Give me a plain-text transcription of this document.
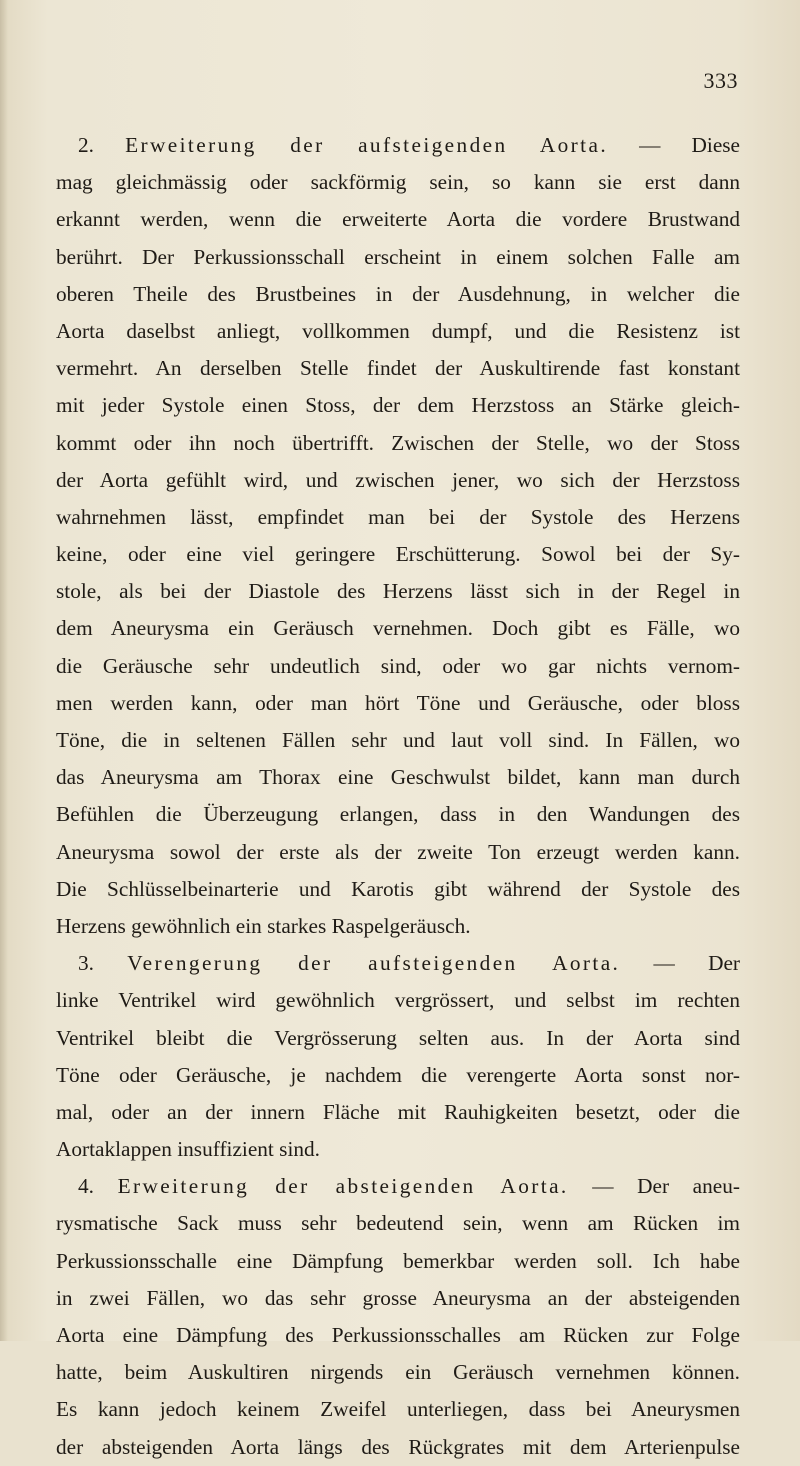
333
2. Erweiterung der aufsteigenden Aorta. — Diese
mag gleichmässig oder sackförmig sein, so kann sie erst dann
erkannt werden, wenn die erweiterte Aorta die vordere Brustwand
berührt. Der Perkussionsschall erscheint in einem solchen Falle am
oberen Theile des Brustbeines in der Ausdehnung, in welcher die
Aorta daselbst anliegt, vollkommen dumpf, und die Resistenz ist
vermehrt. An derselben Stelle findet der Auskultirende fast konstant
mit jeder Systole einen Stoss, der dem Herzstoss an Stärke gleich-
kommt oder ihn noch übertrifft. Zwischen der Stelle, wo der Stoss
der Aorta gefühlt wird, und zwischen jener, wo sich der Herzstoss
wahrnehmen lässt, empfindet man bei der Systole des Herzens
keine, oder eine viel geringere Erschütterung. Sowol bei der Sy-
stole, als bei der Diastole des Herzens lässt sich in der Regel in
dem Aneurysma ein Geräusch vernehmen. Doch gibt es Fälle, wo
die Geräusche sehr undeutlich sind, oder wo gar nichts vernom-
men werden kann, oder man hört Töne und Geräusche, oder bloss
Töne, die in seltenen Fällen sehr und laut voll sind. In Fällen, wo
das Aneurysma am Thorax eine Geschwulst bildet, kann man durch
Befühlen die Überzeugung erlangen, dass in den Wandungen des
Aneurysma sowol der erste als der zweite Ton erzeugt werden kann.
Die Schlüsselbeinarterie und Karotis gibt während der Systole des
Herzens gewöhnlich ein starkes Raspelgeräusch.
3. Verengerung der aufsteigenden Aorta. — Der
linke Ventrikel wird gewöhnlich vergrössert, und selbst im rechten
Ventrikel bleibt die Vergrösserung selten aus. In der Aorta sind
Töne oder Geräusche, je nachdem die verengerte Aorta sonst nor-
mal, oder an der innern Fläche mit Rauhigkeiten besetzt, oder die
Aortaklappen insuffizient sind.
4. Erweiterung der absteigenden Aorta. — Der aneu-
rysmatische Sack muss sehr bedeutend sein, wenn am Rücken im
Perkussionsschalle eine Dämpfung bemerkbar werden soll. Ich habe
in zwei Fällen, wo das sehr grosse Aneurysma an der absteigenden
Aorta eine Dämpfung des Perkussionsschalles am Rücken zur Folge
hatte, beim Auskultiren nirgends ein Geräusch vernehmen können.
Es kann jedoch keinem Zweifel unterliegen, dass bei Aneurysmen
der absteigenden Aorta längs des Rückgrates mit dem Arterienpulse
